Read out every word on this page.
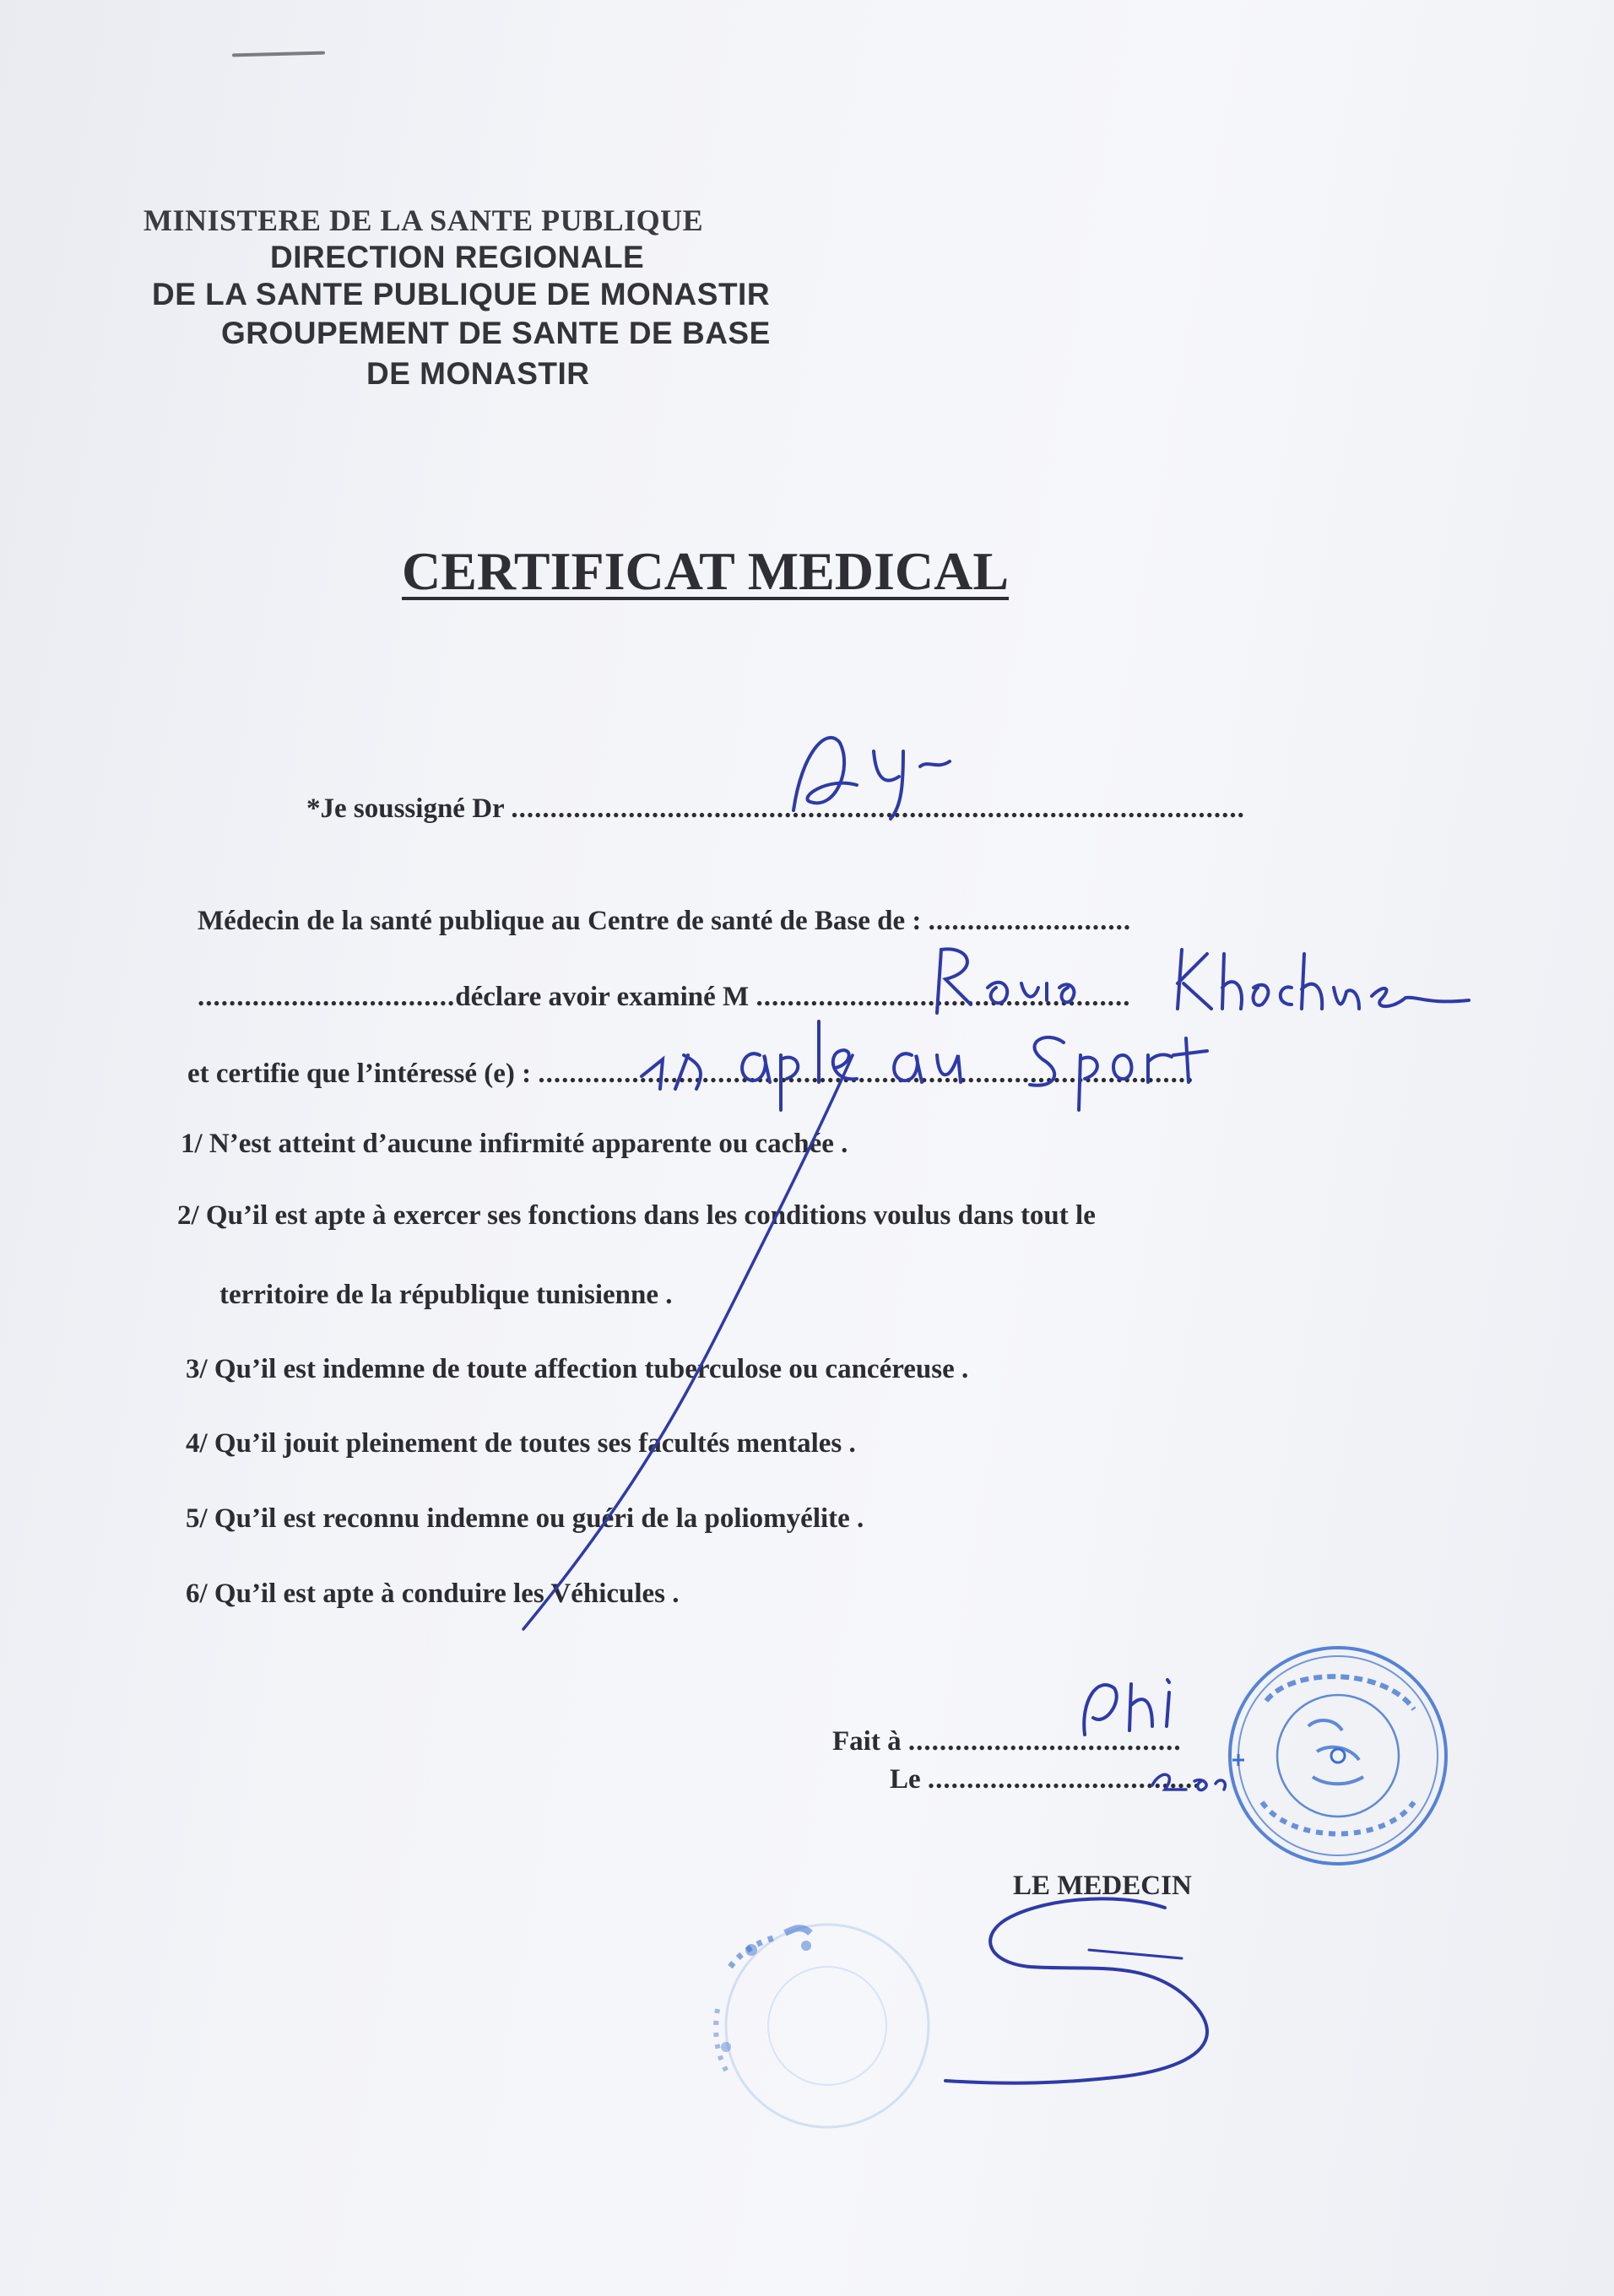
MINISTERE DE LA SANTE PUBLIQUE
DIRECTION REGIONALE
DE LA SANTE PUBLIQUE DE MONASTIR
GROUPEMENT DE SANTE DE BASE
DE MONASTIR
CERTIFICAT MEDICAL
*Je soussigné Dr ..............................................................................................
Médecin de la santé publique au Centre de santé de Base de : ..........................
.................................déclare avoir examiné M ................................................
et certifie que l’intéressé (e) : ....................................................................................
1/ N’est atteint d’aucune infirmité apparente ou cachée .
2/ Qu’il est apte à exercer ses fonctions dans les conditions voulus dans tout le
territoire de la république tunisienne .
3/ Qu’il est indemne de toute affection tuberculose ou cancéreuse .
4/ Qu’il jouit pleinement de toutes ses facultés mentales .
5/ Qu’il est reconnu indemne ou guéri de la poliomyélite .
6/ Qu’il est apte à conduire les Véhicules .
Fait à ...................................
Le ...................................
LE MEDECIN
